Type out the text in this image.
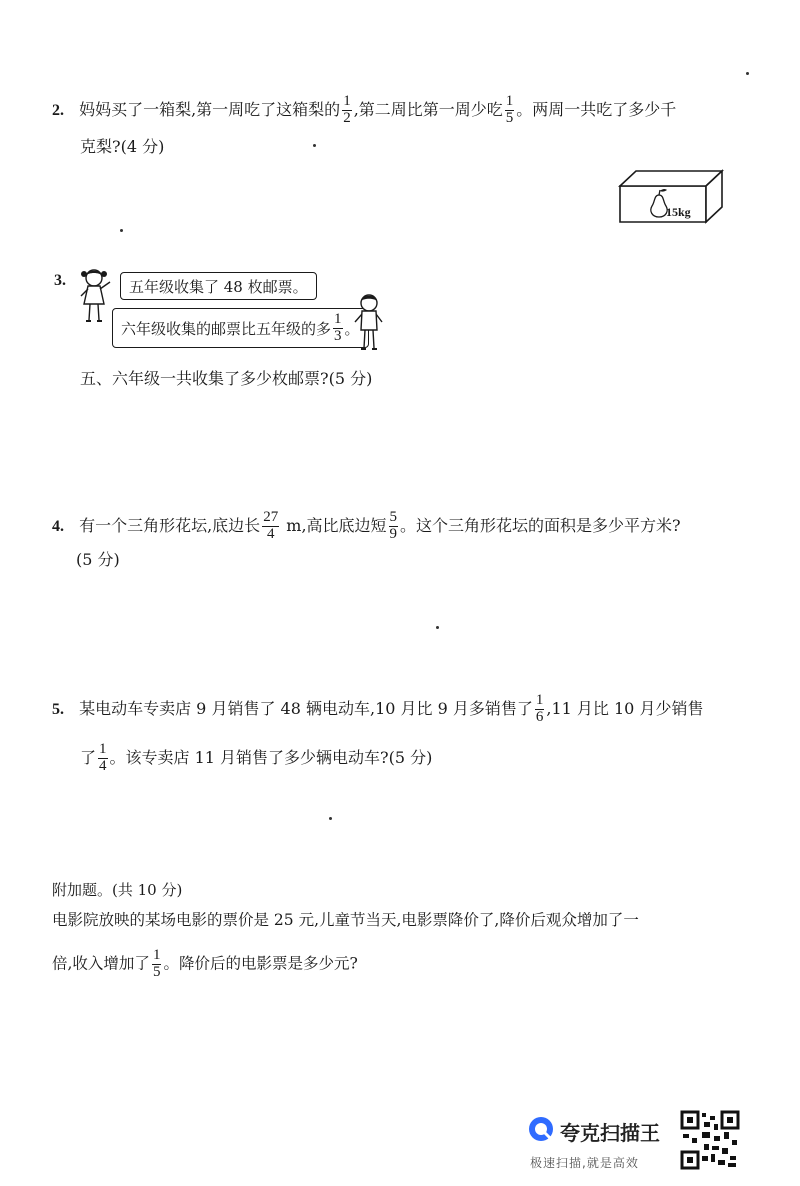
2. 妈妈买了一箱梨,第一周吃了这箱梨的 $\frac{1}{2}$ ,第二周比第一周少吃 $\frac{1}{5}$ 。两周一共吃了多少千
克梨?(4 分)
15kg
3.	五年级收集了 48 枚邮票。
六年级收集的邮票比五年级的多 $\frac{1}{3}$ 。
五、六年级一共收集了多少枚邮票?(5 分)
4. 有一个三角形花坛,底边长 $\frac{27}{4} m$,高比底边短 $\frac{5}{9}$ 。这个三角形花坛的面积是多少平方米?
(5 分)
5. 某电动车专卖店 9 月销售了 48 辆电动车,10 月比 9 月多销售了 $\frac{1}{6} ,11$ 月比 10 月少销售
了 $\frac{1}{4}$ 。该专卖店 11 月销售了多少辆电动车?(5 分)
附加题。(共 10 分)
电影院放映的某场电影的票价是 25 元,儿童节当天,电影票降价了,降价后观众增加了一
倍,收入增加了 $\frac{1}{5}$ 。降价后的电影票是多少元?
夸克扫描王
极速扫描,就是高效
